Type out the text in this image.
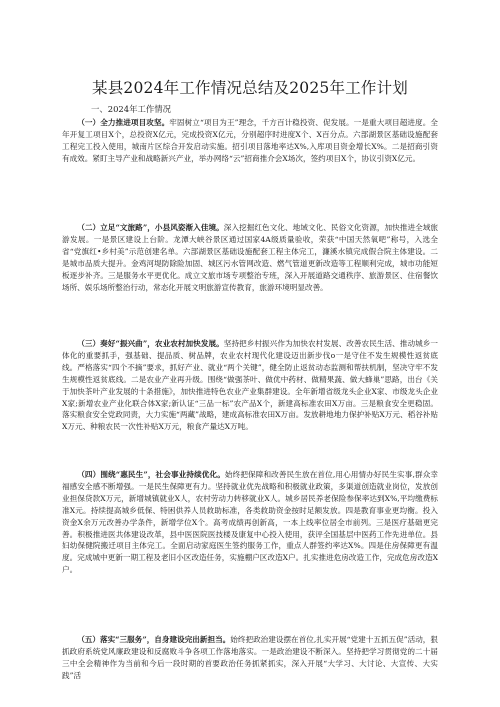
某县2024年工作情况总结及2025年工作计划
一、2024年工作情况

（一）全力推进项目攻坚。牢固树立“项目为王”理念，千方百计稳投资、促发展。一是重大项目超进度。全年开复工项目X个，总投资X亿元，完成投资X亿元，分别超序时进度X个、X百分点。六部湖景区基础设施配套工程完工投入使用，城南片区综合开发启动实施。招引项目落地率达X%,入库项目资金增长X%。二是招商引资有成效。紧盯主导产业和战略新兴产业，举办网络“云”招商推介会X场次，签约项目X个，协议引资X亿元。

（二）立足“文旅路”，小县风姿渐入佳境。深入挖掘红色文化、地域文化、民俗文化资源，加快推进全域旅游发展。一是景区建设上台阶。龙潭大峡谷景区通过国家4A级质量验收，荣获“中国天然氧吧”称号，入选全省“党旗红•乡村美”示范创建名单。六部湖景区基础设施配套工程主体完工，濂溪水镇完成假合院主体建设。二是城市品质大提升。金鸡河堤防除险加固、城区污水管网改造、燃气管道更新改造等工程顺利完成，城市功能短板逐步补齐。三是服务水平更优化。成立文旅市场专项整治专班，深入开展道路交通秩序、旅游景区、住宿餐饮场所、娱乐场所整治行动，常态化开展文明旅游宣传教育，旅游环境明显改善。

（三）奏好“振兴曲”，农业农村加快发展。坚持把乡村振兴作为加快农村发展、改善农民生活、推动城乡一体化的重要抓手，强基础、提品质、树品牌，农业农村现代化建设迈出新步伐o一是守住不发生规模性返贫底线。严格落实“四个不摘”要求，抓好产业、就业“两个关键”，健全防止返贫动态监测和帮扶机制，坚决守牢不发生规模性返贫底线。二是农业产业再升级。围绕“做强茶叶、做优中药材、做精果蔬、做大蜂巢”思路，出台《关于加快茶叶产业发展的十条措施》，加快推进特色农业产业集群建设。全年新增省级龙头企业X家、市级龙头企业X家;新增农业产业化联合体X家;新认证“三品一标”农产品X个，新建高标准农田X万亩。三是粮食安全更稳固。落实粮食安全党政同责，大力实施“两藏”战略，建成高标准农田X万亩。发放耕地地力保护补贴X万元、稻谷补贴X万元、种粮农民一次性补贴X万元，粮食产量达X万吨。

（四）围绕“惠民生”，社会事业持续优化。始终把保障和改善民生放在首位,用心用情办好民生实事,群众幸福感安全感不断增强。一是民生保障更有力。坚持就业优先战略和积极就业政策，多渠道创造就业岗位，发放创业担保贷款X万元，新增城镇就业X人，农村劳动力转移就业X人。城乡居民养老保险参保率达到X%,平均缴费标准X元。持续提高城乡低保、特困供养人员救助标准，各类救助资金按时足额发放。四是教育事业更均衡。投入资金X余万元改善办学条件，新增学位X个。高考成绩再创新高，一本上线率位居全市前列。三是医疗基础更完善。积极推进医共体建设改革，县中医医院医技楼及康复中心投入使用，获评全国基层中医药工作先进单位。县妇幼保健院搬迁项目主体完工。全面启动家庭医生签约服务工作，重点人群签约率达X%。四是住房保障更有温度。完成城中更新一期工程及老旧小区改造任务，实施棚户区改造X户。扎实推进危房改造工作，完成危房改造X户。

（五）落实“三服务”，自身建设完出新担当。始终把政治建设摆在首位,扎实开展“党建十五抓五促”活动，狠抓政府系统党风廉政建设和反腐败斗争各项工作落地落实。一是政治建设不断深入。坚持把学习贯彻党的二十届三中全会精神作为当前和今后一段时期的首要政治任务抓紧抓实，深入开展“大学习、大讨论、大宣传、大实践”活
